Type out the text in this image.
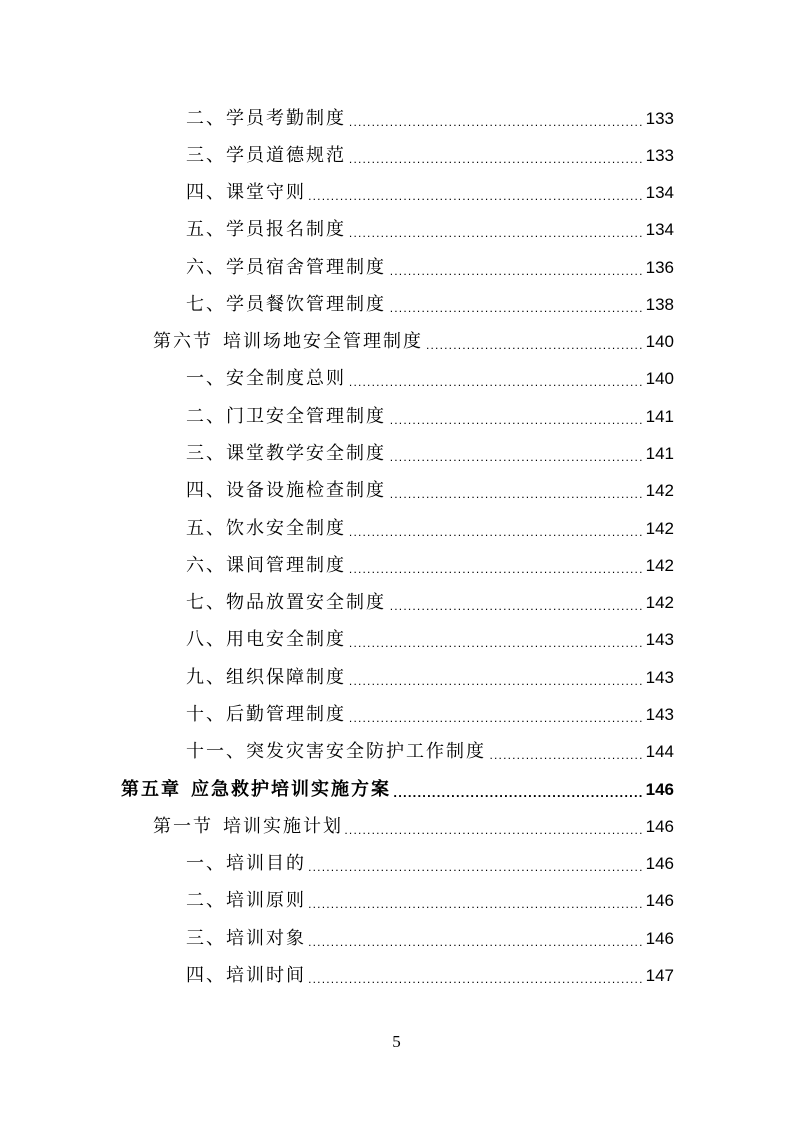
二、学员考勤制度 .....	133
三、学员道德规范 .....	133
四、课堂守则 .....	134
五、学员报名制度 .....	134
六、学员宿舍管理制度 .....	136
七、学员餐饮管理制度 .....	138
第六节 培训场地安全管理制度 .....	140
一、安全制度总则 .....	140
二、门卫安全管理制度 .....	141
三、课堂教学安全制度 .....	141
四、设备设施检查制度 .....	142
五、饮水安全制度 .....	142
六、课间管理制度 .....	142
七、物品放置安全制度 .....	142
八、用电安全制度 .....	143
九、组织保障制度 .....	143
十、后勤管理制度 .....	143
十一、突发灾害安全防护工作制度 .....	144
第五章 应急救护培训实施方案 .....	146
第一节 培训实施计划 .....	146
一、培训目的 .....	146
二、培训原则 .....	146
三、培训对象 .....	146
四、培训时间 .....	147
5
